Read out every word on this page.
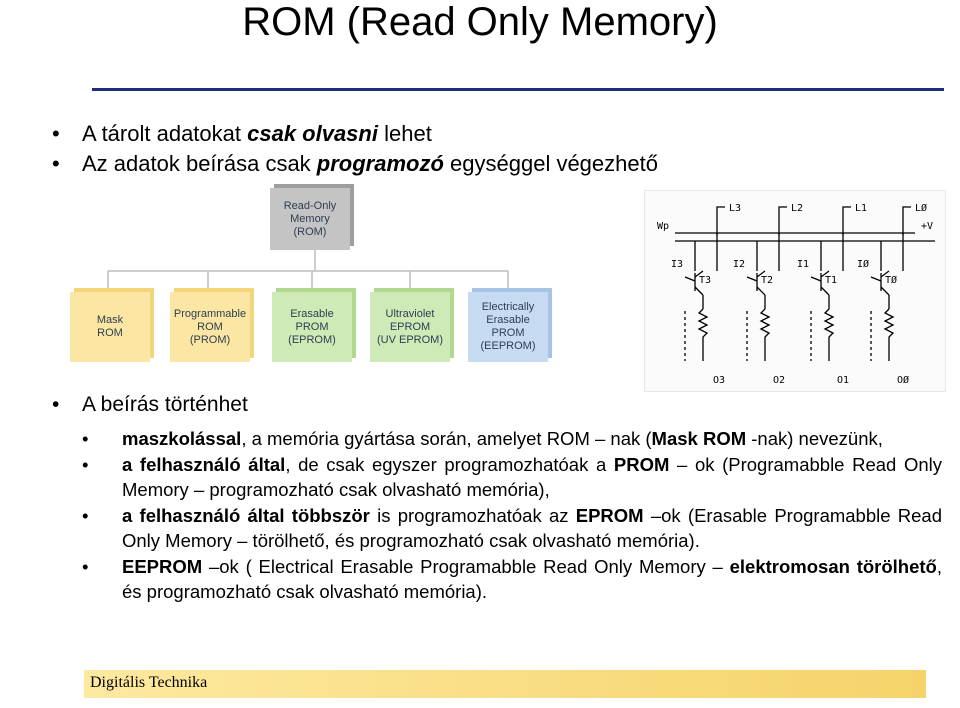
ROM (Read Only Memory)
• A tárolt adatokat csak olvasni lehet
• Az adatok beírása csak programozó egységgel végezhető
Read-Only
Memory
(ROM)
Mask
ROM
Programmable
ROM
(PROM)
Erasable
PROM
(EPROM)
Ultraviolet
EPROM
(UV EPROM)
Electrically
Erasable
PROM
(EEPROM)
L3	L2	L1	LØ
Wp	+V
I3	I2	I1	IØ
T3	T2	T1	TØ
O3	O2	O1	OØ
• A beírás történhet
• maszkolással, a memória gyártása során, amelyet ROM – nak (Mask ROM -nak) nevezünk,
• a felhasználó által, de csak egyszer programozhatóak a PROM – ok (Programabble Read Only Memory – programozható csak olvasható memória),
• a felhasználó által többször is programozhatóak az EPROM –ok (Erasable Programabble Read Only Memory – törölhető, és programozható csak olvasható memória).
• EEPROM –ok ( Electrical Erasable Programabble Read Only Memory – elektromosan törölhető, és programozható csak olvasható memória).
Digitális Technika
